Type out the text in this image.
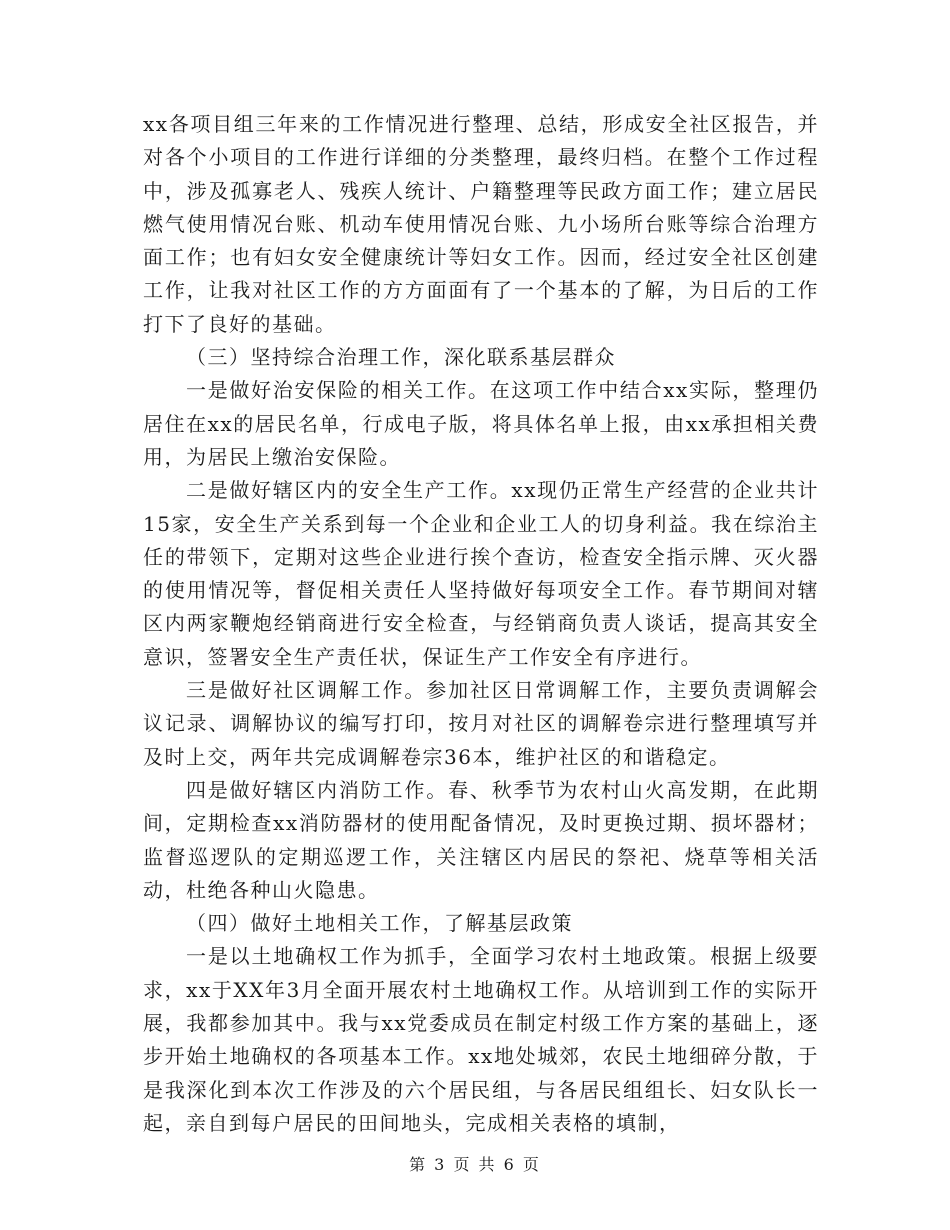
xx各项目组三年来的工作情况进行整理、总结，形成安全社区报告，并对各个小项目的工作进行详细的分类整理，最终归档。在整个工作过程中，涉及孤寡老人、残疾人统计、户籍整理等民政方面工作；建立居民燃气使用情况台账、机动车使用情况台账、九小场所台账等综合治理方面工作；也有妇女安全健康统计等妇女工作。因而，经过安全社区创建工作，让我对社区工作的方方面面有了一个基本的了解，为日后的工作打下了良好的基础。

（三）坚持综合治理工作，深化联系基层群众

一是做好治安保险的相关工作。在这项工作中结合xx实际，整理仍居住在xx的居民名单，行成电子版，将具体名单上报，由xx承担相关费用，为居民上缴治安保险。

二是做好辖区内的安全生产工作。xx现仍正常生产经营的企业共计15家，安全生产关系到每一个企业和企业工人的切身利益。我在综治主任的带领下，定期对这些企业进行挨个查访，检查安全指示牌、灭火器的使用情况等，督促相关责任人坚持做好每项安全工作。春节期间对辖区内两家鞭炮经销商进行安全检查，与经销商负责人谈话，提高其安全意识，签署安全生产责任状，保证生产工作安全有序进行。

三是做好社区调解工作。参加社区日常调解工作，主要负责调解会议记录、调解协议的编写打印，按月对社区的调解卷宗进行整理填写并及时上交，两年共完成调解卷宗36本，维护社区的和谐稳定。

四是做好辖区内消防工作。春、秋季节为农村山火高发期，在此期间，定期检查xx消防器材的使用配备情况，及时更换过期、损坏器材；监督巡逻队的定期巡逻工作，关注辖区内居民的祭祀、烧草等相关活动，杜绝各种山火隐患。

（四）做好土地相关工作，了解基层政策

一是以土地确权工作为抓手，全面学习农村土地政策。根据上级要求，xx于XX年3月全面开展农村土地确权工作。从培训到工作的实际开展，我都参加其中。我与xx党委成员在制定村级工作方案的基础上，逐步开始土地确权的各项基本工作。xx地处城郊，农民土地细碎分散，于是我深化到本次工作涉及的六个居民组，与各居民组组长、妇女队长一起，亲自到每户居民的田间地头，完成相关表格的填制，

第 3 页 共 6 页
